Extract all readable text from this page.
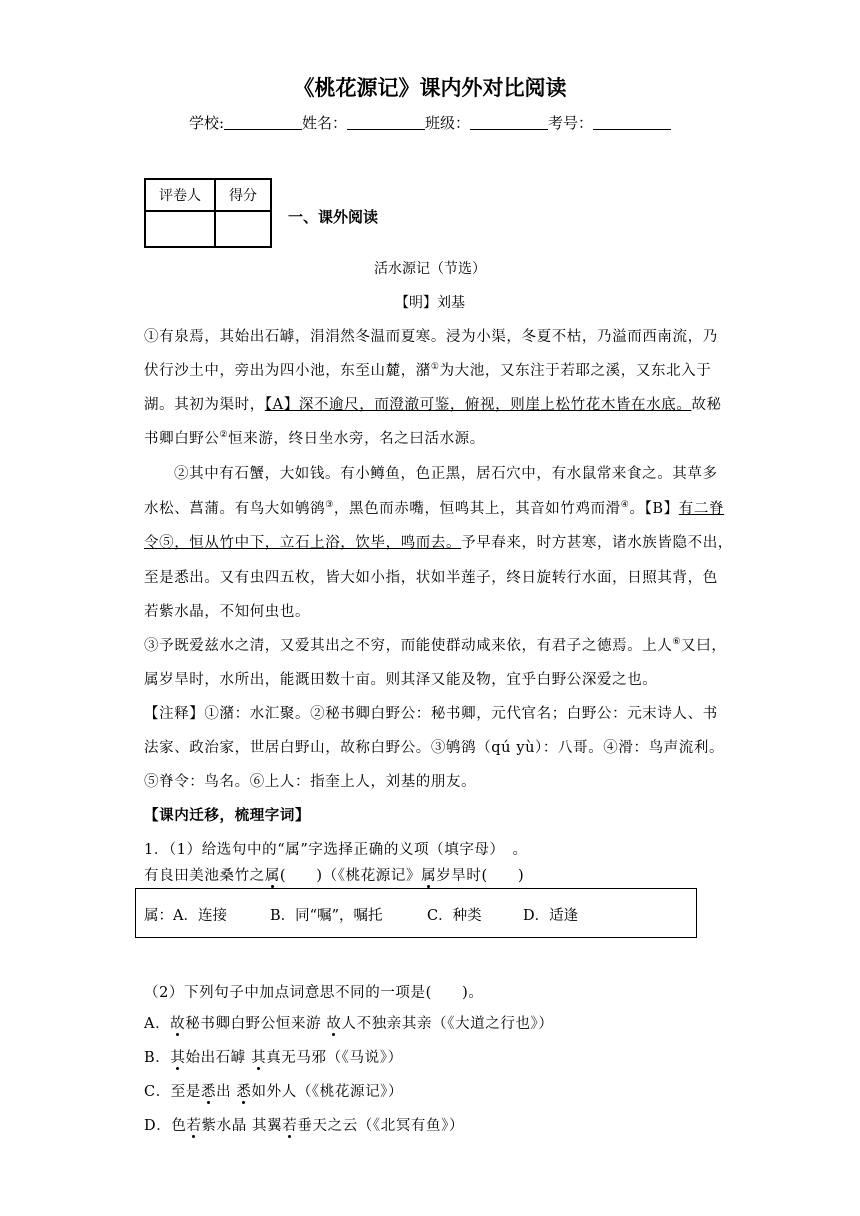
《桃花源记》课内外对比阅读
学校:	姓名：	班级：	考号：
评卷人	得分

一、课外阅读
活水源记（节选）
【明】刘基
①有泉焉，其始出石罅，涓涓然冬温而夏寒。浸为小渠，冬夏不枯，乃溢而西南流，乃
伏行沙土中，旁出为四小池，东至山麓，潴①为大池，又东注于若耶之溪，又东北入于
湖。其初为渠时，【A】深不逾尺，而澄澈可鉴，俯视，则崖上松竹花木皆在水底。故秘
书卿白野公②恒来游，终日坐水旁，名之曰活水源。
②其中有石蟹，大如钱。有小鳟鱼，色正黑，居石穴中，有水鼠常来食之。其草多
水松、菖蒲。有鸟大如鸲鹆③，黑色而赤嘴，恒鸣其上，其音如竹鸡而滑④。【B】有二脊
令⑤，恒从竹中下，立石上浴，饮毕，鸣而去。予早春来，时方甚寒，诸水族皆隐不出，
至是悉出。又有虫四五枚，皆大如小指，状如半莲子，终日旋转行水面，日照其背，色
若紫水晶，不知何虫也。
③予既爱兹水之清，又爱其出之不穷，而能使群动咸来依，有君子之德焉。上人⑥又曰，
属岁旱时，水所出，能溉田数十亩。则其泽又能及物，宜乎白野公深爱之也。
【注释】①潴：水汇聚。②秘书卿白野公：秘书卿，元代官名；白野公：元末诗人、书
法家、政治家，世居白野山，故称白野公。③鸲鹆（qú yù）：八哥。④滑：鸟声流利。
⑤脊令：鸟名。⑥上人：指奎上人，刘基的朋友。
【课内迁移，梳理字词】
1．（1）给选句中的“属”字选择正确的义项（填字母）　。
有良田美池桑竹之属(　　)（《桃花源记》属岁旱时(　　)
属：A．连接	B．同“嘱”，嘱托	C．种类	D．适逢
（2）下列句子中加点词意思不同的一项是(　　)。
A．故秘书卿白野公恒来游 故人不独亲其亲（《大道之行也》）
B．其始出石罅 其真无马邪（《马说》）
C．至是悉出 悉如外人（《桃花源记》）
D．色若紫水晶 其翼若垂天之云（《北冥有鱼》）
